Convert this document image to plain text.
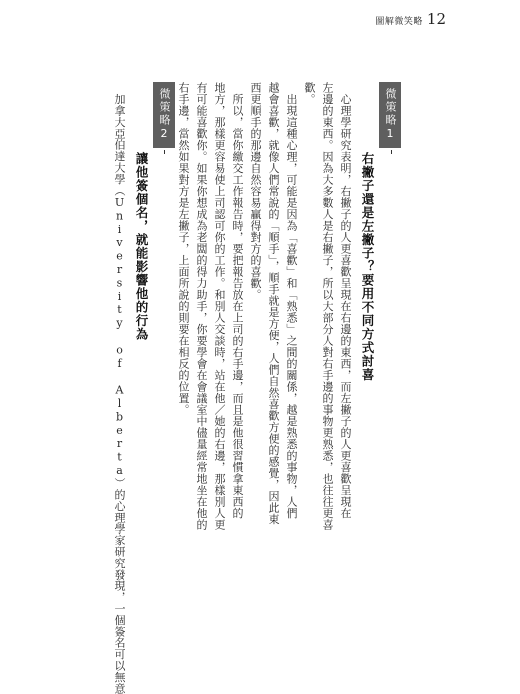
圖解微笑略 12
微策略
1
右撇子還是左撇子？要用不同方式討喜
　心理學研究表明，右撇子的人更喜歡呈現在右邊的東西，而左撇子的人更喜歡呈現在
左邊的東西。因為大多數人是右撇子，所以大部分人對右手邊的事物更熟悉，也往往更喜
歡。
　出現這種心理，可能是因為「喜歡」和「熟悉」之間的關係，越是熟悉的事物，人們
越會喜歡，就像人們常說的「順手」，順手就是方便，人們自然喜歡方便的感覺，因此東
西更順手的那邊自然容易贏得對方的喜歡。
　所以，當你繳交工作報告時，要把報告放在上司的右手邊，而且是他很習慣拿東西的
地方，那樣更容易使上司認可你的工作。和別人交談時，站在他／她的右邊，那樣別人更
有可能喜歡你。如果你想成為老闆的得力助手，你要學會在會議室中儘量經常地坐在他的
右手邊，當然如果對方是左撇子，上面所說的則要在相反的位置。
微策略
2
讓他簽個名，就能影響他的行為
　加拿大亞伯達大學（University of Alberta）的心理學家研究發現，一個簽名可以無意
